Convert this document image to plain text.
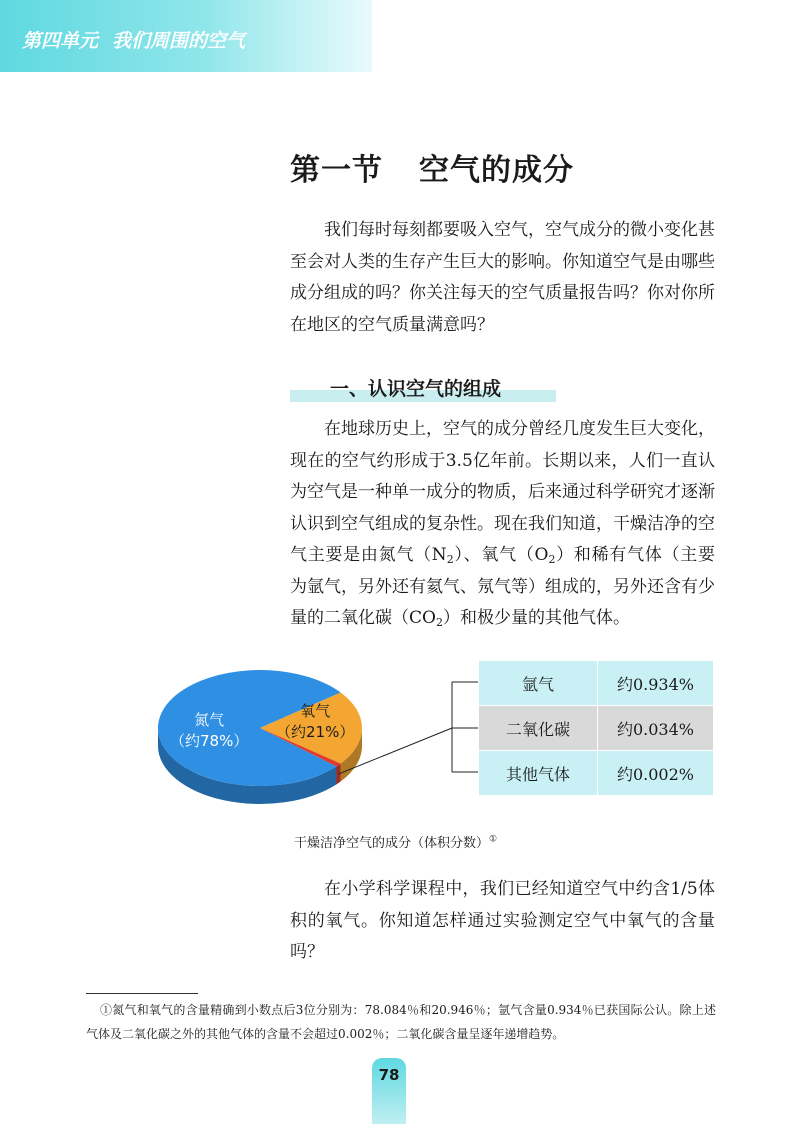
第四单元 我们周围的空气
第一节 空气的成分

我们每时每刻都要吸入空气，空气成分的微小变化甚至会对人类的生存产生巨大的影响。你知道空气是由哪些成分组成的吗？你关注每天的空气质量报告吗？你对你所在地区的空气质量满意吗？

一、认识空气的组成

在地球历史上，空气的成分曾经几度发生巨大变化，现在的空气约形成于3.5亿年前。长期以来，人们一直认为空气是一种单一成分的物质，后来通过科学研究才逐渐认识到空气组成的复杂性。现在我们知道，干燥洁净的空气主要是由氮气$(N_2)$、氧气$(O_2)$和稀有气体（主要为氩气，另外还有氦气、氖气等）组成的，另外还含有少量的二氧化碳$(CO_2)$和极少量的其他气体。

氮气
（约78%）
氧气
（约21%）
氩气	约0.934%
二氧化碳	约0.034%
其他气体	约0.002%
干燥洁净空气的成分（体积分数）①

在小学科学课程中，我们已经知道空气中约含1/5体积的氧气。你知道怎样通过实验测定空气中氧气的含量吗？

①氮气和氧气的含量精确到小数点后3位分别为：78.084％和20.946％；氩气含量0.934％已获国际公认。除上述气体及二氧化碳之外的其他气体的含量不会超过0.002％；二氧化碳含量呈逐年递增趋势。

78
